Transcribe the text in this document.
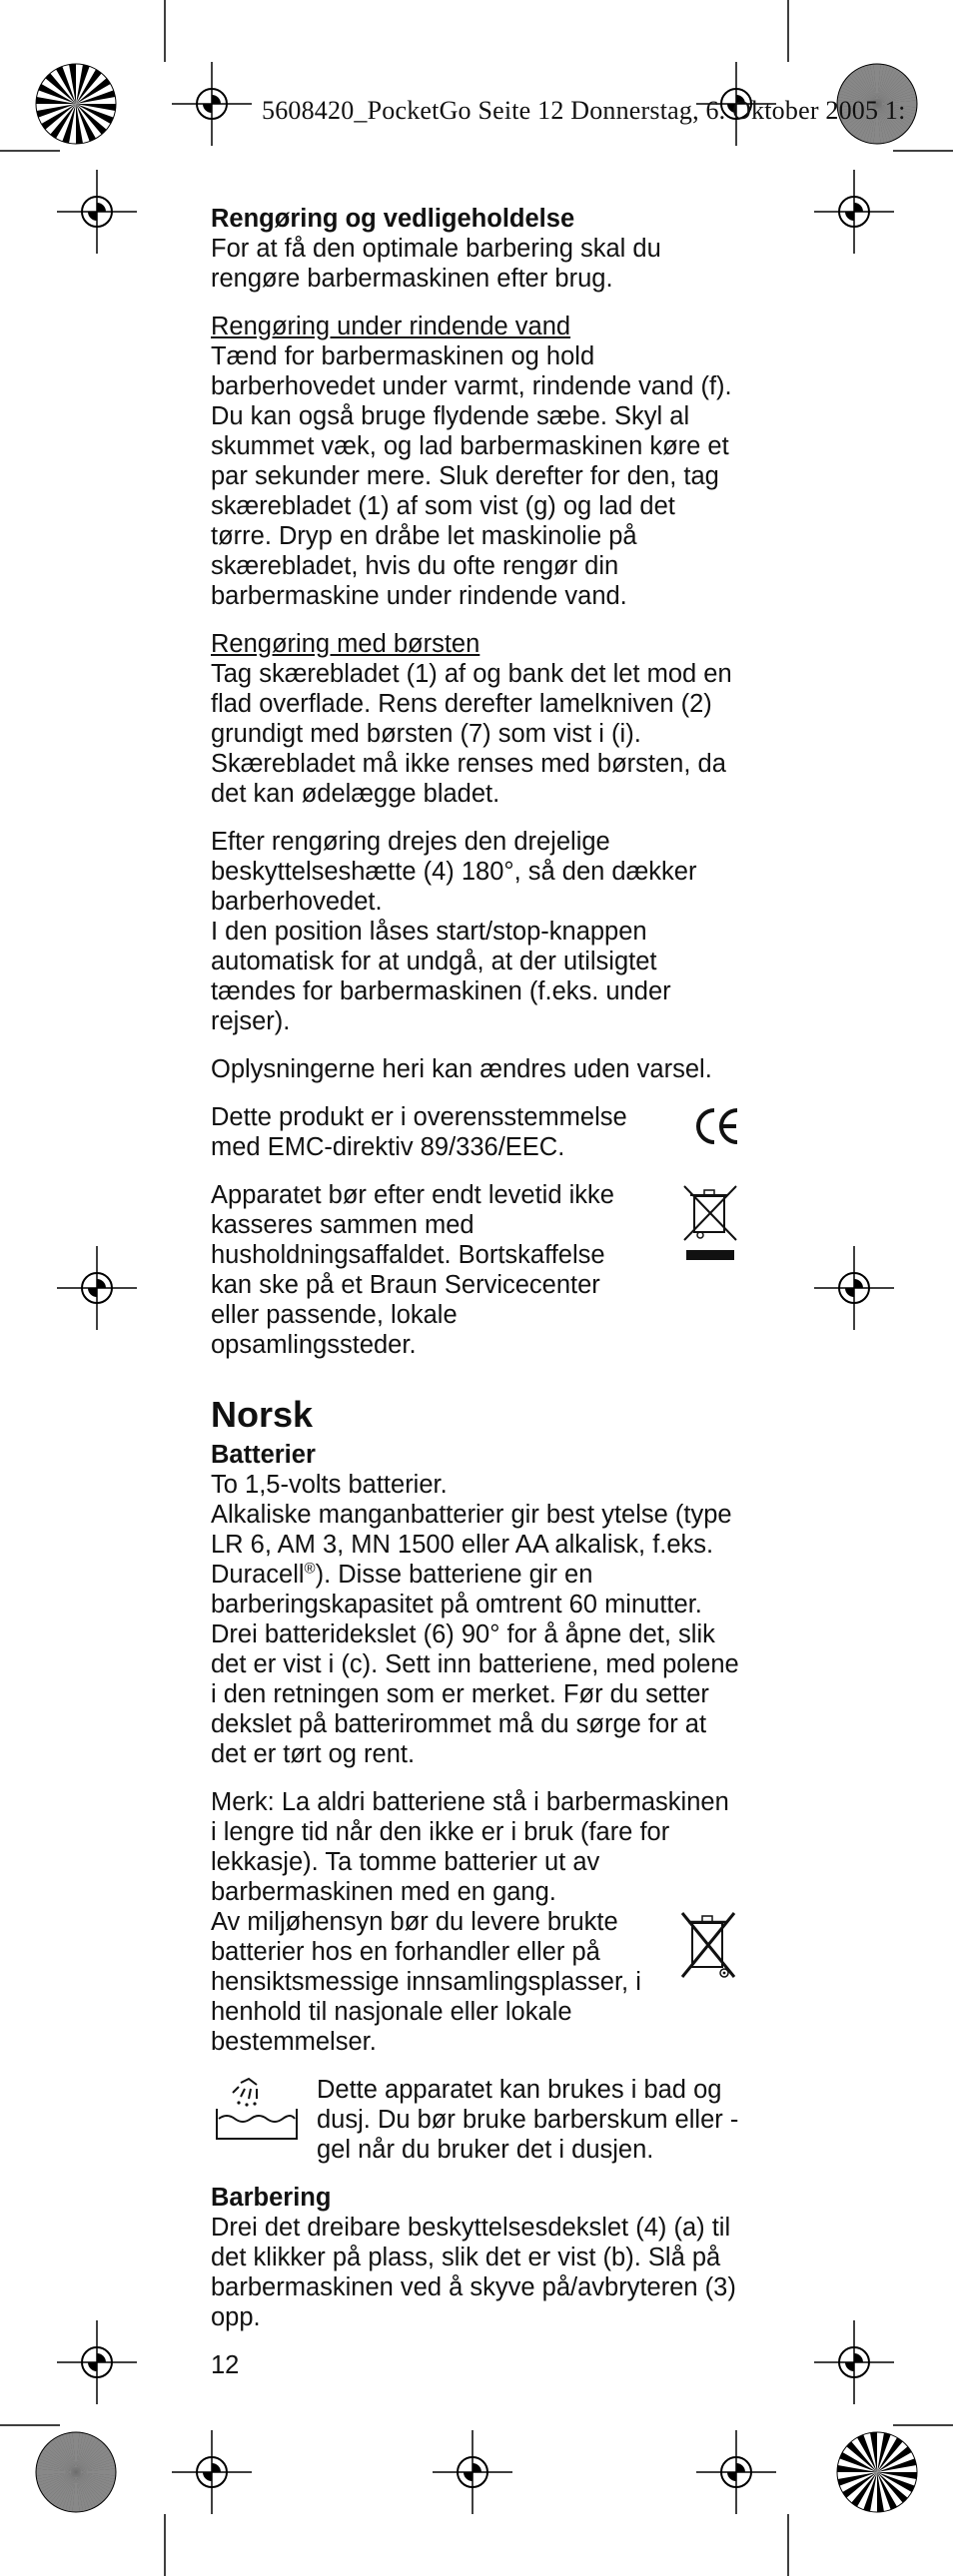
5608420_PocketGo Seite 12 Donnerstag, 6. Oktober 2005 1:

Rengøring og vedligeholdelse
For at få den optimale barbering skal du rengøre barbermaskinen efter brug.

Rengøring under rindende vand
Tænd for barbermaskinen og hold barberhovedet under varmt, rindende vand (f). Du kan også bruge flydende sæbe. Skyl al skummet væk, og lad barbermaskinen køre et par sekunder mere. Sluk derefter for den, tag skærebladet (1) af som vist (g) og lad det tørre. Dryp en dråbe let maskinolie på skærebladet, hvis du ofte rengør din barbermaskine under rindende vand.

Rengøring med børsten
Tag skærebladet (1) af og bank det let mod en flad overflade. Rens derefter lamelkniven (2) grundigt med børsten (7) som vist i (i). Skærebladet må ikke renses med børsten, da det kan ødelægge bladet.

Efter rengøring drejes den drejelige beskyttelseshætte (4) 180°, så den dækker barberhovedet.
I den position låses start/stop-knappen automatisk for at undgå, at der utilsigtet tændes for barbermaskinen (f.eks. under rejser).

Oplysningerne heri kan ændres uden varsel.

Dette produkt er i overensstemmelse med EMC-direktiv 89/336/EEC.
Apparatet bør efter endt levetid ikke kasseres sammen med husholdningsaffaldet. Bortskaffelse kan ske på et Braun Servicecenter eller passende, lokale opsamlingssteder.
Norsk

Batterier
To 1,5-volts batterier.
Alkaliske manganbatterier gir best ytelse (type LR 6, AM 3, MN 1500 eller AA alkalisk, f.eks. Duracell®). Disse batteriene gir en barberingskapasitet på omtrent 60 minutter. Drei batteridekslet (6) 90° for å åpne det, slik det er vist i (c). Sett inn batteriene, med polene i den retningen som er merket. Før du setter dekslet på batterirommet må du sørge for at det er tørt og rent.

Merk: La aldri batteriene stå i barbermaskinen i lengre tid når den ikke er i bruk (fare for lekkasje). Ta tomme batterier ut av barbermaskinen med en gang.

Av miljøhensyn bør du levere brukte batterier hos en forhandler eller på hensiktsmessige innsamlingsplasser, i henhold til nasjonale eller lokale bestemmelser.
Dette apparatet kan brukes i bad og dusj. Du bør bruke barberskum eller -gel når du bruker det i dusjen.

Barbering
Drei det dreibare beskyttelsesdekslet (4) (a) til det klikker på plass, slik det er vist (b). Slå på barbermaskinen ved å skyve på/avbryteren (3) opp.

12
